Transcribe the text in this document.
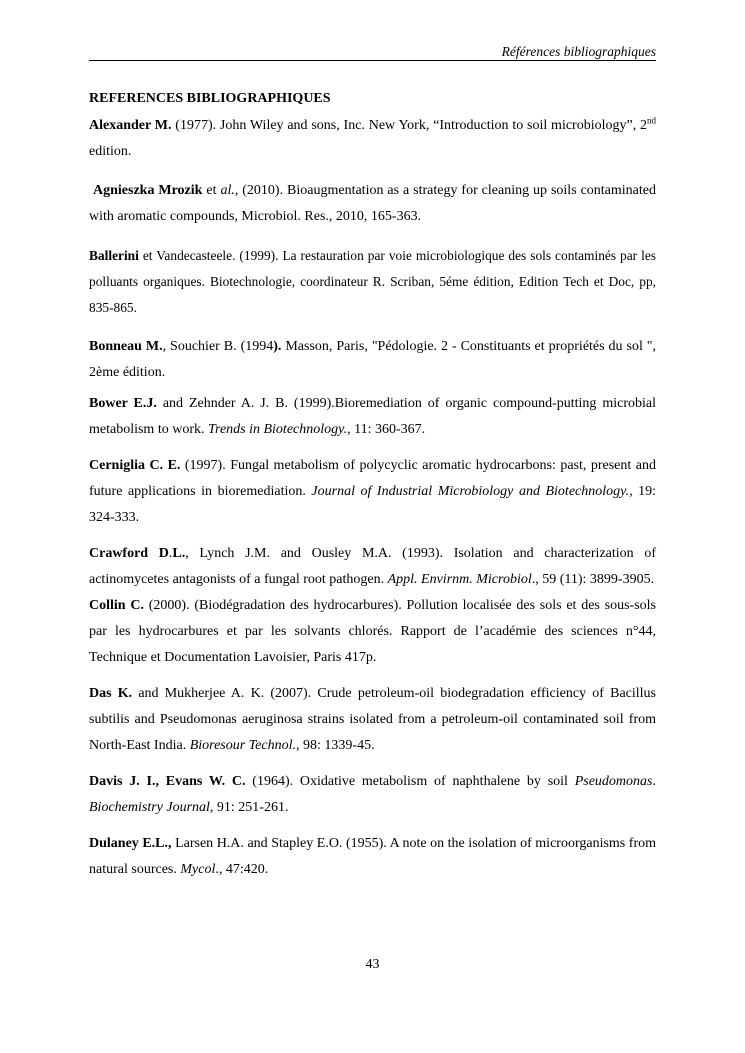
Références bibliographiques
REFERENCES BIBLIOGRAPHIQUES

Alexander M. (1977). John Wiley and sons, Inc. New York, “Introduction to soil microbiology”, 2nd edition.

Agnieszka Mrozik et al., (2010). Bioaugmentation as a strategy for cleaning up soils contaminated with aromatic compounds, Microbiol. Res., 2010, 165-363.

Ballerini et Vandecasteele. (1999). La restauration par voie microbiologique des sols contaminés par les polluants organiques. Biotechnologie, coordinateur R. Scriban, 5éme édition, Edition Tech et Doc, pp, 835-865.

Bonneau M., Souchier B. (1994). Masson, Paris, "Pédologie. 2 - Constituants et propriétés du sol ", 2ème édition.

Bower E.J. and Zehnder A. J. B. (1999).Bioremediation of organic compound-putting microbial metabolism to work. Trends in Biotechnology., 11: 360-367.

Cerniglia C. E. (1997). Fungal metabolism of polycyclic aromatic hydrocarbons: past, present and future applications in bioremediation. Journal of Industrial Microbiology and Biotechnology., 19: 324-333.

Crawford D.L., Lynch J.M. and Ousley M.A. (1993). Isolation and characterization of actinomycetes antagonists of a fungal root pathogen. Appl. Envirnm. Microbiol., 59 (11): 3899-3905.

Collin C. (2000). (Biodégradation des hydrocarbures). Pollution localisée des sols et des sous-sols par les hydrocarbures et par les solvants chlorés. Rapport de l’académie des sciences n°44, Technique et Documentation Lavoisier, Paris 417p.

Das K. and Mukherjee A. K. (2007). Crude petroleum-oil biodegradation efficiency of Bacillus subtilis and Pseudomonas aeruginosa strains isolated from a petroleum-oil contaminated soil from North-East India. Bioresour Technol., 98: 1339-45.

Davis J. I., Evans W. C. (1964). Oxidative metabolism of naphthalene by soil Pseudomonas. Biochemistry Journal, 91: 251-261.

Dulaney E.L., Larsen H.A. and Stapley E.O. (1955). A note on the isolation of microorganisms from natural sources. Mycol., 47:420.

43
